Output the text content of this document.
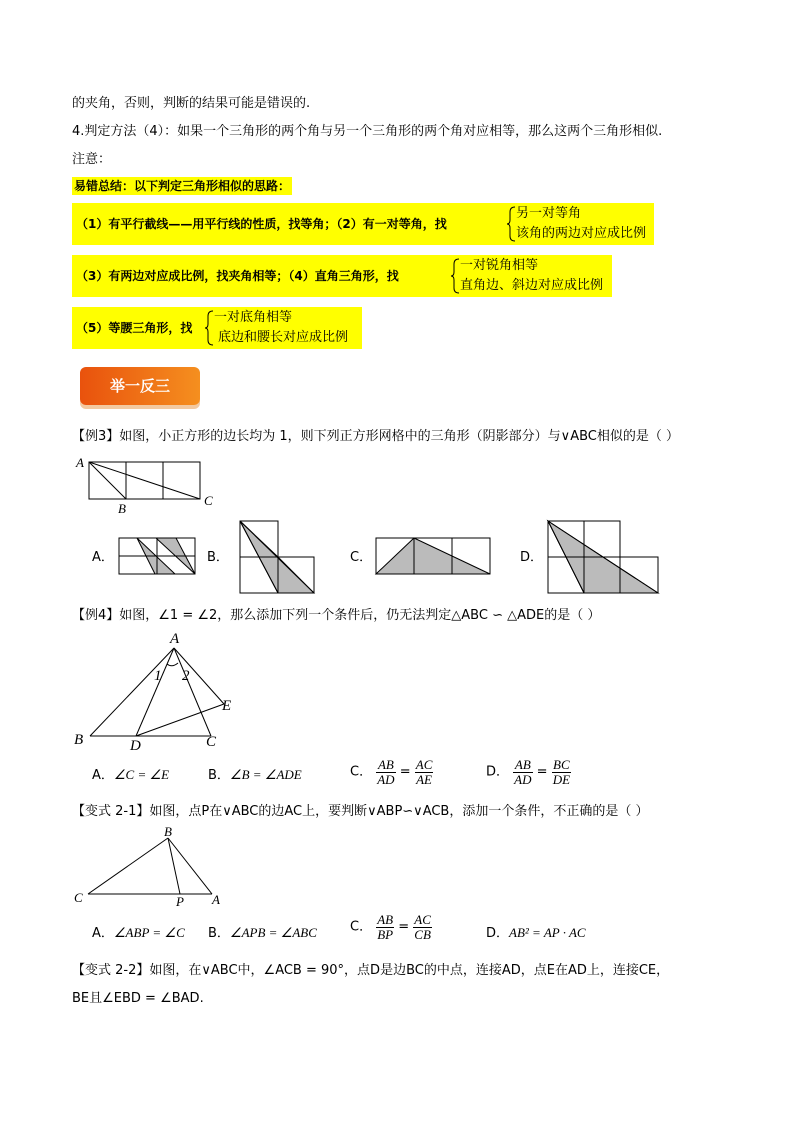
的夹角，否则，判断的结果可能是错误的.
4.判定方法（4）：如果一个三角形的两个角与另一个三角形的两个角对应相等，那么这两个三角形相似.
注意：
易错总结：以下判定三角形相似的思路：
（1）有平行截线——用平行线的性质，找等角；（2）有一对等角，找
另一对等角
该角的两边对应成比例
（3）有两边对应成比例，找夹角相等；（4）直角三角形，找
一对锐角相等
直角边、斜边对应成比例
（5）等腰三角形，找
一对底角相等
底边和腰长对应成比例
举一反三
【例3】如图，小正方形的边长均为 1，则下列正方形网格中的三角形（阴影部分）与∨ABC相似的是（ ）
A
B
C
A．	B．	C．	D．
【例4】如图，∠1 = ∠2，那么添加下列一个条件后，仍无法判定△ABC ∽ △ADE的是（ ）
A
B	D	C
E
1 2
A．∠C = ∠E	B．∠B = ∠ADE	C． $\frac{AB}{AD} = \frac{AC}{AE}$	D． $\frac{AB}{AD} = \frac{BC}{DE}$
【变式 2-1】如图，点P在∨ABC的边AC上，要判断∨ABP∽∨ACB，添加一个条件，不正确的是（ ）
B
C	P A
A．∠ABP = ∠C B．∠APB = ∠ABC	C． $\frac{AB}{BP} = \frac{AC}{CB}$	D．AB² = AP · AC
【变式 2-2】如图，在∨ABC中，∠ACB = 90°，点D是边BC的中点，连接AD，点E在AD上，连接CE，
BE且∠EBD = ∠BAD.
